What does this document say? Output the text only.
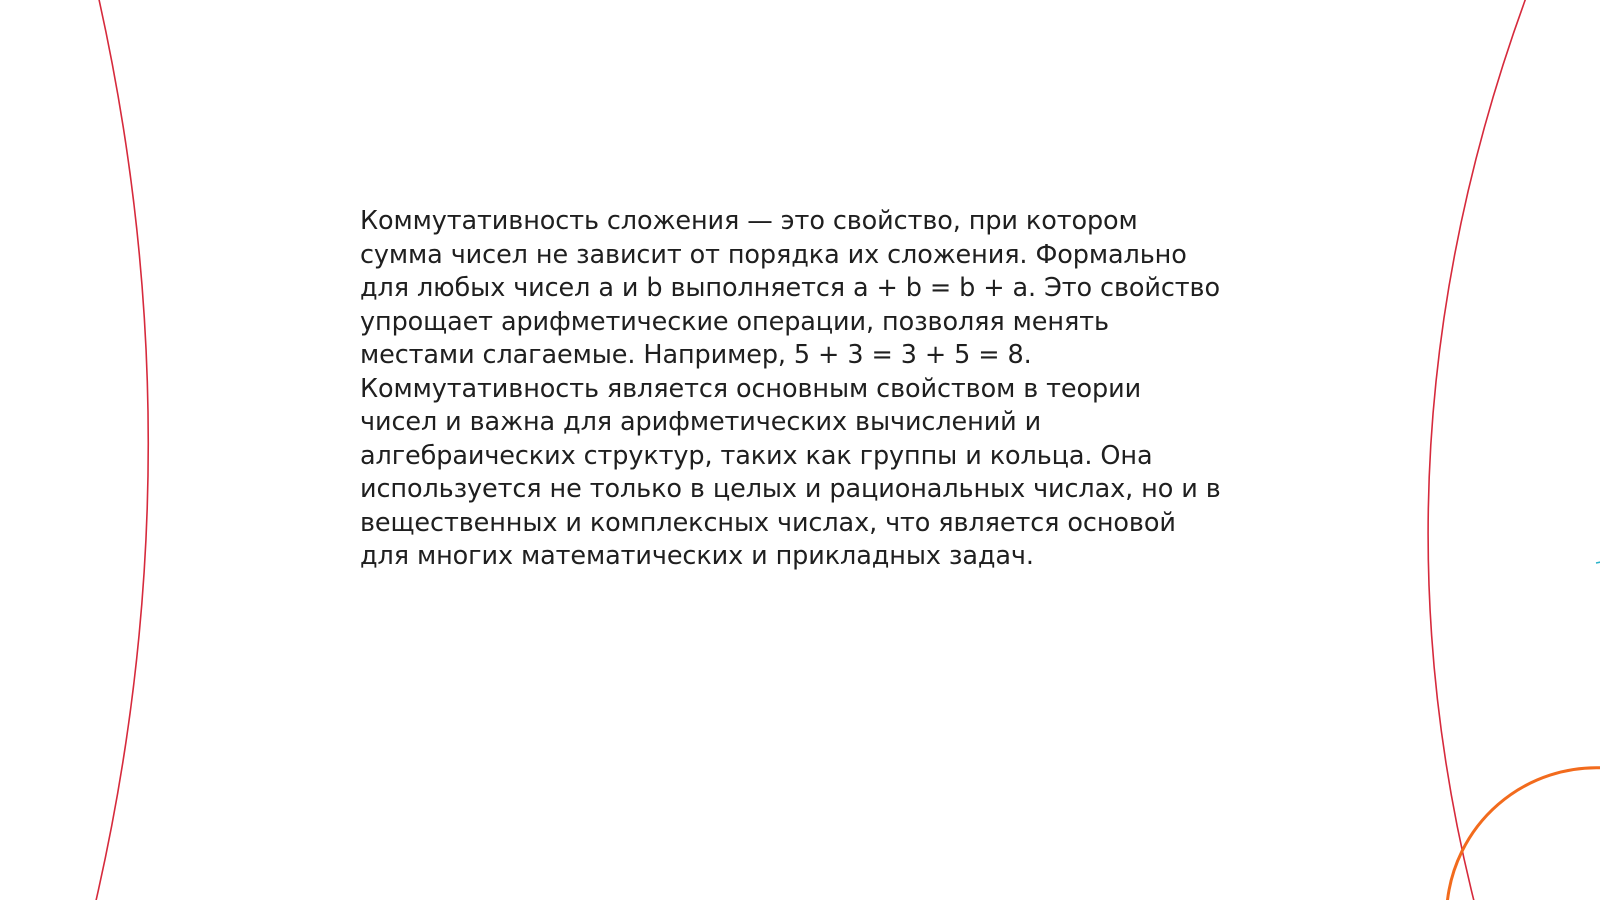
Коммутативность сложения — это свойство, при котором
сумма чисел не зависит от порядка их сложения. Формально
для любых чисел a и b выполняется a + b = b + a. Это свойство
упрощает арифметические операции, позволяя менять
местами слагаемые. Например, 5 + 3 = 3 + 5 = 8.
Коммутативность является основным свойством в теории
чисел и важна для арифметических вычислений и
алгебраических структур, таких как группы и кольца. Она
используется не только в целых и рациональных числах, но и в
вещественных и комплексных числах, что является основой
для многих математических и прикладных задач.
